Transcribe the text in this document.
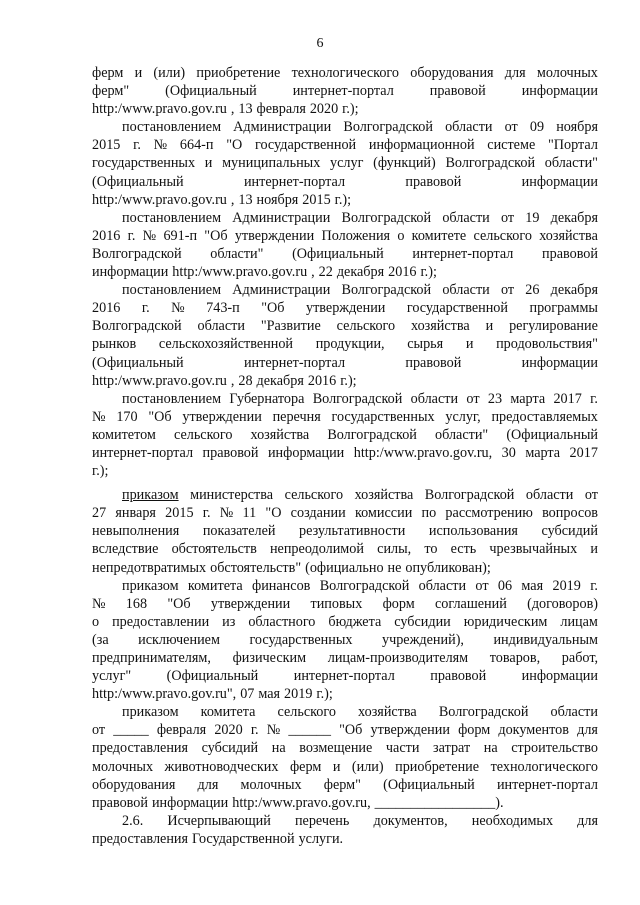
6
ферм и (или) приобретение технологического оборудования для молочных
ферм"	(Официальный	интернет-портал	правовой	информации
http:/www.pravo.gov.ru , 13 февраля 2020 г.);
постановлением Администрации Волгоградской области от 09 ноября
2015 г. № 664-п "О государственной информационной системе "Портал
государственных и муниципальных услуг (функций) Волгоградской области"
(Официальный	интернет-портал	правовой	информации
http:/www.pravo.gov.ru , 13 ноября 2015 г.);
постановлением Администрации Волгоградской области от 19 декабря
2016 г. № 691-п "Об утверждении Положения о комитете сельского хозяйства
Волгоградской области" (Официальный интернет-портал правовой
информации http:/www.pravo.gov.ru , 22 декабря 2016 г.);
постановлением Администрации Волгоградской области от 26 декабря
2016 г. № 743-п "Об утверждении государственной программы
Волгоградской области "Развитие сельского хозяйства и регулирование
рынков сельскохозяйственной продукции, сырья и продовольствия"
(Официальный	интернет-портал	правовой	информации
http:/www.pravo.gov.ru , 28 декабря 2016 г.);
постановлением Губернатора Волгоградской области от 23 марта 2017 г.
№ 170 "Об утверждении перечня государственных услуг, предоставляемых
комитетом сельского хозяйства Волгоградской области" (Официальный
интернет-портал правовой информации http:/www.pravo.gov.ru, 30 марта 2017
г.);
приказом министерства сельского хозяйства Волгоградской области от
27 января 2015 г. № 11 "О создании комиссии по рассмотрению вопросов
невыполнения показателей результативности использования субсидий
вследствие обстоятельств непреодолимой силы, то есть чрезвычайных и
непредотвратимых обстоятельств" (официально не опубликован);
приказом комитета финансов Волгоградской области от 06 мая 2019 г.
№ 168 "Об утверждении типовых форм соглашений (договоров)
о предоставлении из областного бюджета субсидии юридическим лицам
(за исключением государственных учреждений), индивидуальным
предпринимателям, физическим лицам-производителям товаров, работ,
услуг" (Официальный интернет-портал правовой информации
http:/www.pravo.gov.ru", 07 мая 2019 г.);
приказом комитета сельского хозяйства Волгоградской области
от _____ февраля 2020 г. № ______ "Об утверждении форм документов для
предоставления субсидий на возмещение части затрат на строительство
молочных животноводческих ферм и (или) приобретение технологического
оборудования для молочных ферм" (Официальный интернет-портал
правовой информации http:/www.pravo.gov.ru, _________________).
2.6. Исчерпывающий перечень документов, необходимых для
предоставления Государственной услуги.
